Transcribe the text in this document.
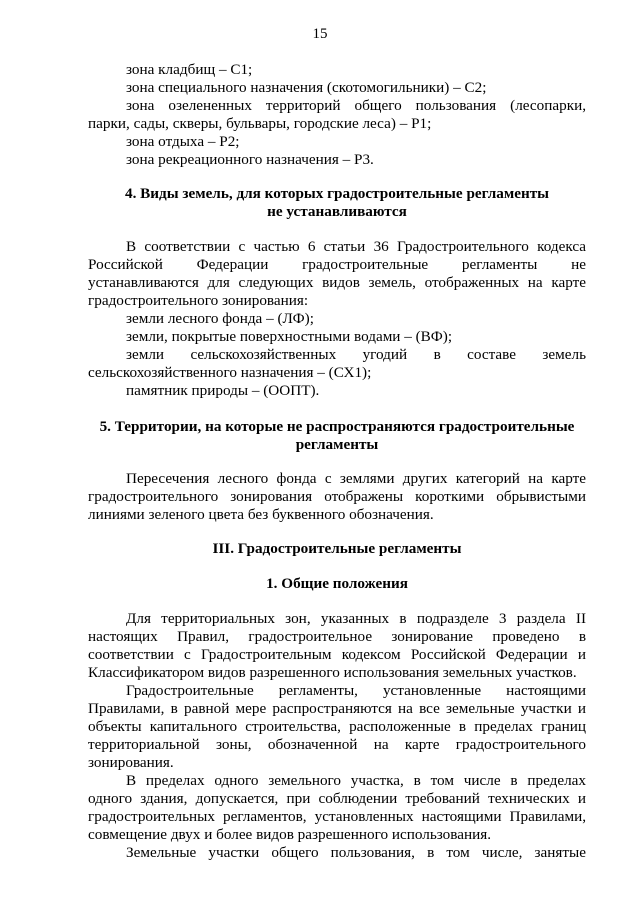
15
зона кладбищ – С1;
зона специального назначения (скотомогильники) – С2;
зона озелененных территорий общего пользования (лесопарки,
парки, сады, скверы, бульвары, городские леса) – Р1;
зона отдыха – Р2;
зона рекреационного назначения – Р3.
4. Виды земель, для которых градостроительные регламенты
не устанавливаются
В соответствии с частью 6 статьи 36 Градостроительного кодекса
Российской Федерации градостроительные регламенты не
устанавливаются для следующих видов земель, отображенных на карте
градостроительного зонирования:
земли лесного фонда – (ЛФ);
земли, покрытые поверхностными водами – (ВФ);
земли сельскохозяйственных угодий в составе земель
сельскохозяйственного назначения – (СХ1);
памятник природы – (ООПТ).
5. Территории, на которые не распространяются градостроительные
регламенты
Пересечения лесного фонда с землями других категорий на карте
градостроительного зонирования отображены короткими обрывистыми
линиями зеленого цвета без буквенного обозначения.
III. Градостроительные регламенты
1. Общие положения
Для территориальных зон, указанных в подразделе 3 раздела II
настоящих Правил, градостроительное зонирование проведено в
соответствии с Градостроительным кодексом Российской Федерации и
Классификатором видов разрешенного использования земельных участков.
Градостроительные регламенты, установленные настоящими
Правилами, в равной мере распространяются на все земельные участки и
объекты капитального строительства, расположенные в пределах границ
территориальной зоны, обозначенной на карте градостроительного
зонирования.
В пределах одного земельного участка, в том числе в пределах
одного здания, допускается, при соблюдении требований технических и
градостроительных регламентов, установленных настоящими Правилами,
совмещение двух и более видов разрешенного использования.
Земельные участки общего пользования, в том числе, занятые
